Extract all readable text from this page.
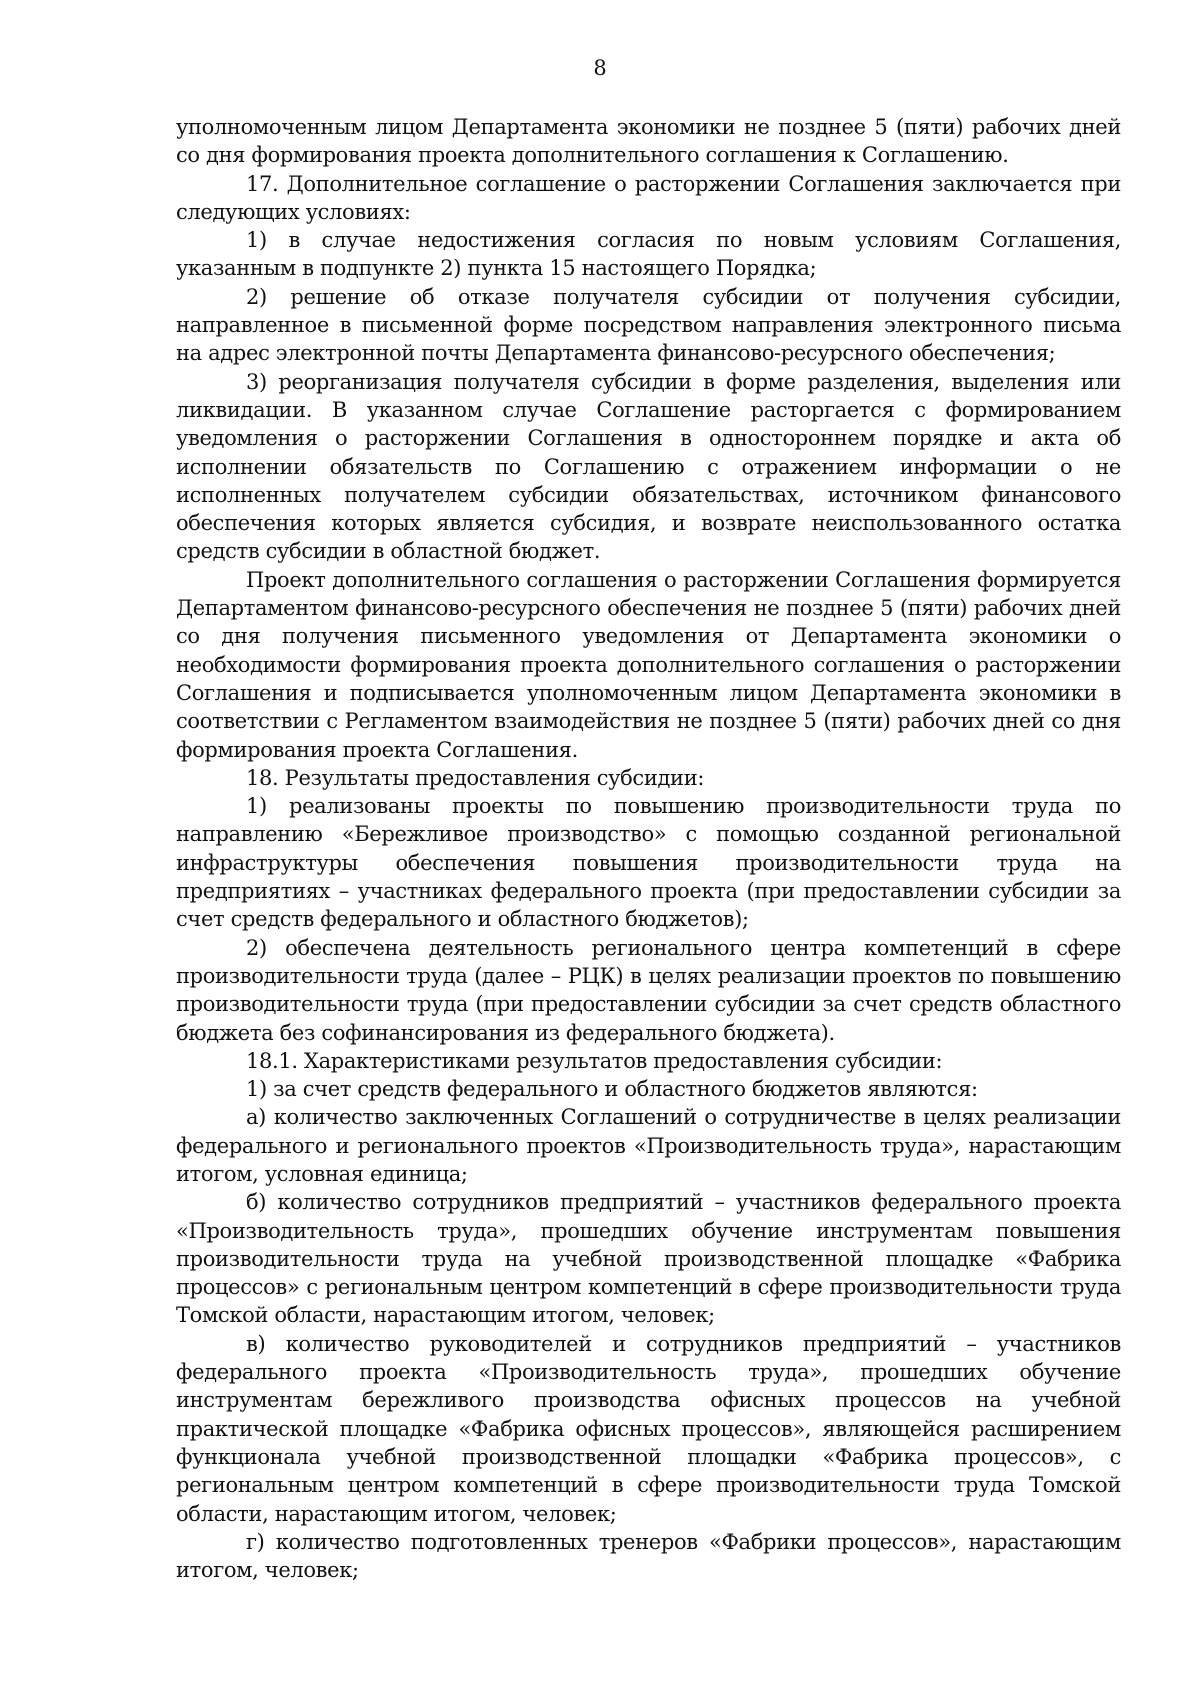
8

уполномоченным лицом Департамента экономики не позднее 5 (пяти) рабочих дней со дня формирования проекта дополнительного соглашения к Соглашению.

17. Дополнительное соглашение о расторжении Соглашения заключается при следующих условиях:

1) в случае недостижения согласия по новым условиям Соглашения, указанным в подпункте 2) пункта 15 настоящего Порядка;

2) решение об отказе получателя субсидии от получения субсидии, направленное в письменной форме посредством направления электронного письма на адрес электронной почты Департамента финансово-ресурсного обеспечения;

3) реорганизация получателя субсидии в форме разделения, выделения или ликвидации. В указанном случае Соглашение расторгается с формированием уведомления о расторжении Соглашения в одностороннем порядке и акта об исполнении обязательств по Соглашению с отражением информации о не исполненных получателем субсидии обязательствах, источником финансового обеспечения которых является субсидия, и возврате неиспользованного остатка средств субсидии в областной бюджет.

Проект дополнительного соглашения о расторжении Соглашения формируется Департаментом финансово-ресурсного обеспечения не позднее 5 (пяти) рабочих дней со дня получения письменного уведомления от Департамента экономики о необходимости формирования проекта дополнительного соглашения о расторжении Соглашения и подписывается уполномоченным лицом Департамента экономики в соответствии с Регламентом взаимодействия не позднее 5 (пяти) рабочих дней со дня формирования проекта Соглашения.

18. Результаты предоставления субсидии:

1) реализованы проекты по повышению производительности труда по направлению «Бережливое производство» с помощью созданной региональной инфраструктуры обеспечения повышения производительности труда на предприятиях – участниках федерального проекта (при предоставлении субсидии за счет средств федерального и областного бюджетов);

2) обеспечена деятельность регионального центра компетенций в сфере производительности труда (далее – РЦК) в целях реализации проектов по повышению производительности труда (при предоставлении субсидии за счет средств областного бюджета без софинансирования из федерального бюджета).

18.1. Характеристиками результатов предоставления субсидии:

1) за счет средств федерального и областного бюджетов являются:

а) количество заключенных Соглашений о сотрудничестве в целях реализации федерального и регионального проектов «Производительность труда», нарастающим итогом, условная единица;

б) количество сотрудников предприятий – участников федерального проекта «Производительность труда», прошедших обучение инструментам повышения производительности труда на учебной производственной площадке «Фабрика процессов» с региональным центром компетенций в сфере производительности труда Томской области, нарастающим итогом, человек;

в) количество руководителей и сотрудников предприятий – участников федерального проекта «Производительность труда», прошедших обучение инструментам бережливого производства офисных процессов на учебной практической площадке «Фабрика офисных процессов», являющейся расширением функционала учебной производственной площадки «Фабрика процессов», с региональным центром компетенций в сфере производительности труда Томской области, нарастающим итогом, человек;

г) количество подготовленных тренеров «Фабрики процессов», нарастающим итогом, человек;
